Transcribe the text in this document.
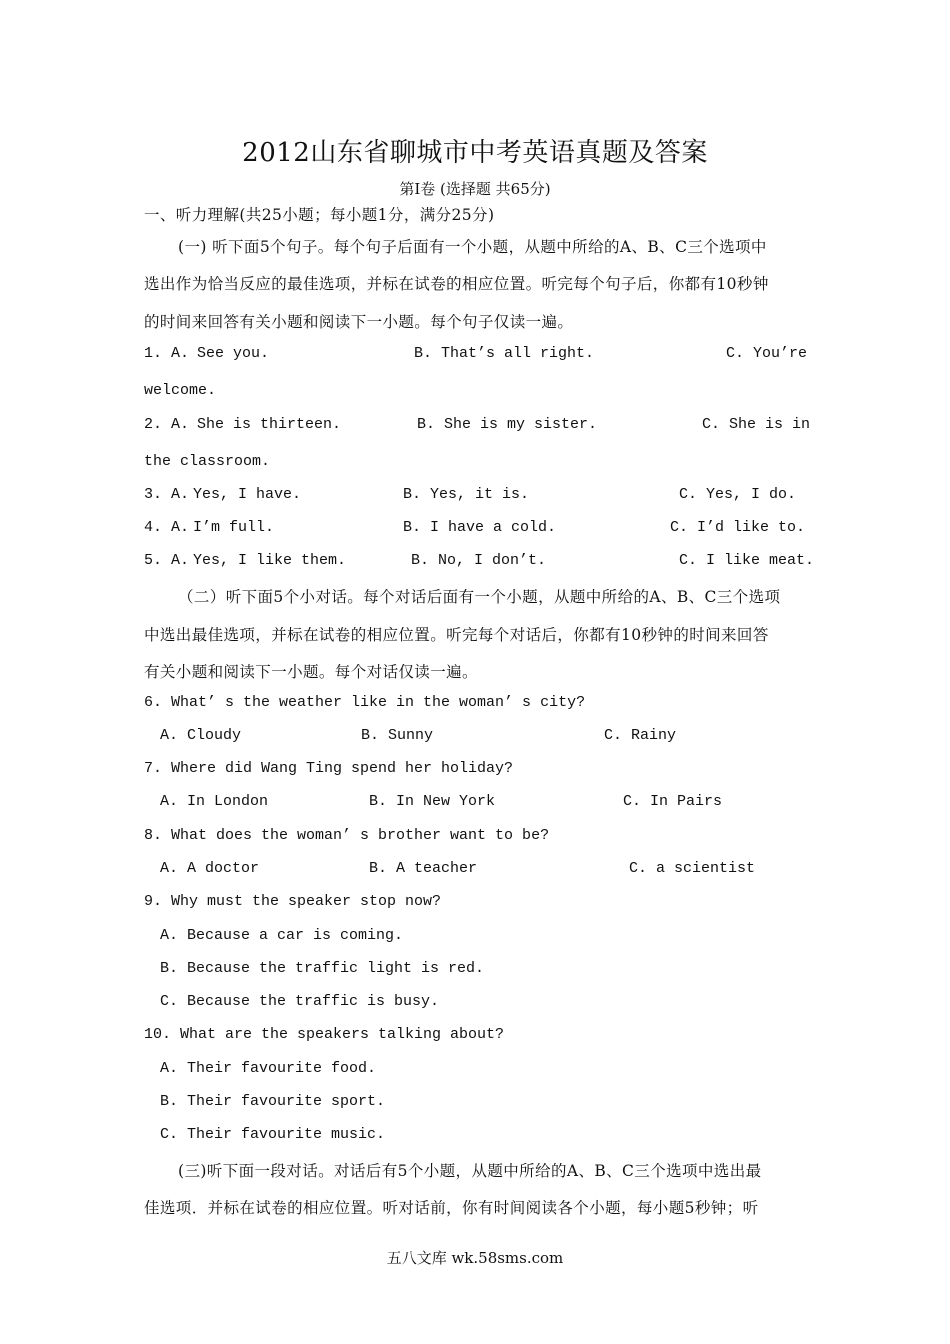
2012山东省聊城市中考英语真题及答案
第Ⅰ卷 (选择题 共65分)
一、听力理解(共25小题；每小题1分，满分25分)
(一) 听下面5个句子。每个句子后面有一个小题，从题中所给的A、B、C三个选项中
选出作为恰当反应的最佳选项，并标在试卷的相应位置。听完每个句子后，你都有10秒钟
的时间来回答有关小题和阅读下一小题。每个句子仅读一遍。
1. A. See you.	B. That’s all right.	C. You’re
welcome.
2. A. She is thirteen.	B. She is my sister.	C. She is in
the classroom.
3. A. Yes, I have.	B. Yes, it is.	C. Yes, I do.
4. A. I’m full.	B. I have a cold.	C. I’d like to.
5. A. Yes, I like them.	B. No, I don’t.	C. I like meat.
（二）听下面5个小对话。每个对话后面有一个小题，从题中所给的A、B、C三个选项
中选出最佳选项，并标在试卷的相应位置。听完每个对话后，你都有10秒钟的时间来回答
有关小题和阅读下一小题。每个对话仅读一遍。
6. What’ s the weather like in the woman’ s city?
A. Cloudy	B. Sunny	C. Rainy
7. Where did Wang Ting spend her holiday?
A. In London	B. In New York	C. In Pairs
8. What does the woman’ s brother want to be?
A. A doctor	B. A teacher	C. a scientist
9. Why must the speaker stop now?
A. Because a car is coming.
B. Because the traffic light is red.
C. Because the traffic is busy.
10. What are the speakers talking about?
A. Their favourite food.
B. Their favourite sport.
C. Their favourite music.
(三)听下面一段对话。对话后有5个小题，从题中所给的A、B、C三个选项中选出最
佳选项．并标在试卷的相应位置。听对话前，你有时间阅读各个小题，每小题5秒钟；听
五八文库 wk.58sms.com
